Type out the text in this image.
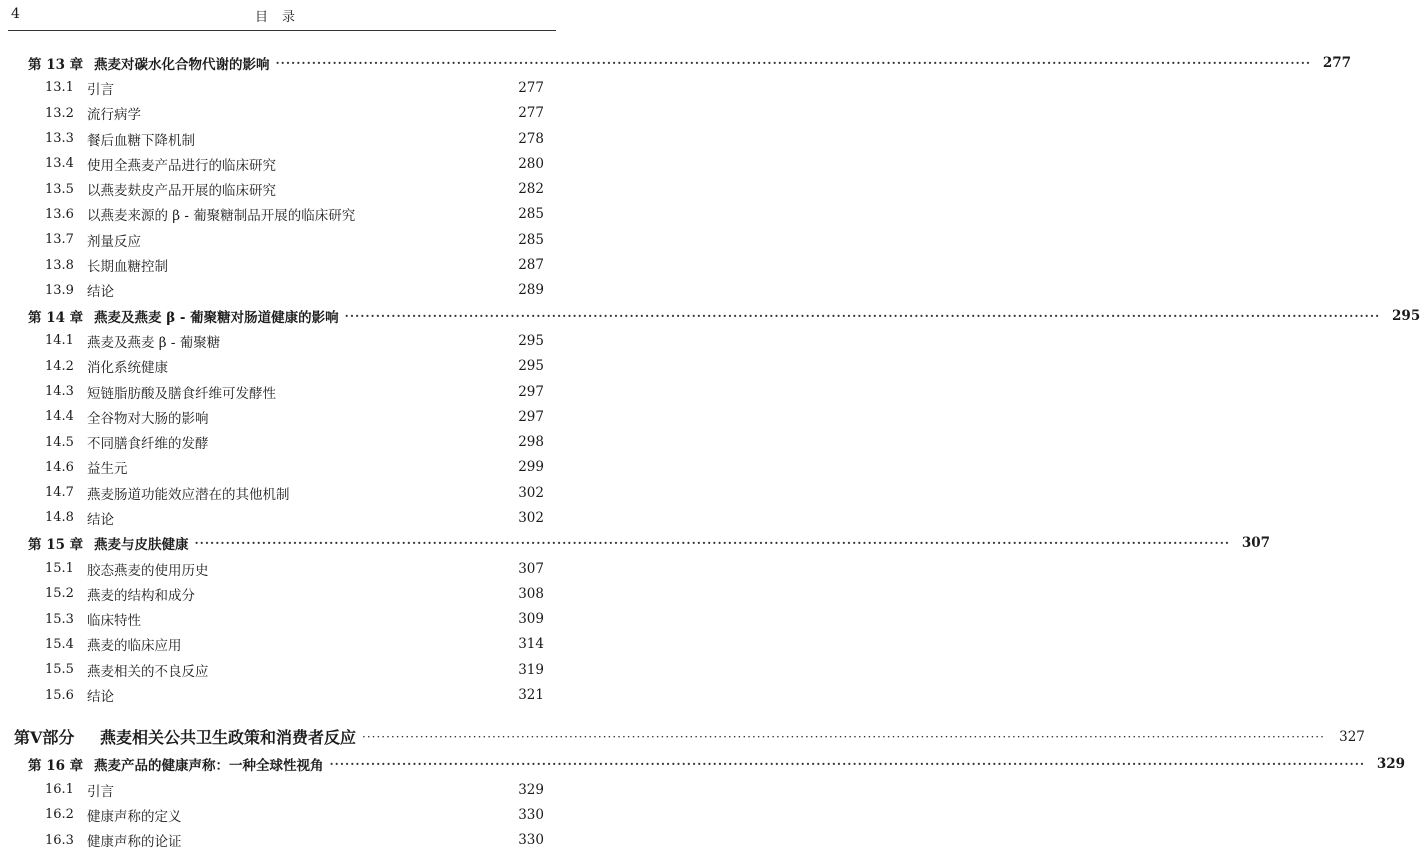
4	目录
第 13 章 燕麦对碳水化合物代谢的影响 ········································································································································································································ 277
13.1 引言	277
13.2 流行病学	277
13.3 餐后血糖下降机制	278
13.4 使用全燕麦产品进行的临床研究	280
13.5 以燕麦麸皮产品开展的临床研究	282
13.6 以燕麦来源的 β - 葡聚糖制品开展的临床研究	285
13.7 剂量反应	285
13.8 长期血糖控制	287
13.9 结论	289
第 14 章 燕麦及燕麦 β - 葡聚糖对肠道健康的影响 ········································································································································································································ 295
14.1 燕麦及燕麦 β - 葡聚糖	295
14.2 消化系统健康	295
14.3 短链脂肪酸及膳食纤维可发酵性	297
14.4 全谷物对大肠的影响	297
14.5 不同膳食纤维的发酵	298
14.6 益生元	299
14.7 燕麦肠道功能效应潜在的其他机制	302
14.8 结论	302
第 15 章 燕麦与皮肤健康 ········································································································································································································ 307
15.1 胶态燕麦的使用历史	307
15.2 燕麦的结构和成分	308
15.3 临床特性	309
15.4 燕麦的临床应用	314
15.5 燕麦相关的不良反应	319
15.6 结论	321
第Ⅴ部分	燕麦相关公共卫生政策和消费者反应 ········································································································································································································	327
第 16 章 燕麦产品的健康声称：一种全球性视角 ········································································································································································································ 329
16.1 引言	329
16.2 健康声称的定义	330
16.3 健康声称的论证	330
